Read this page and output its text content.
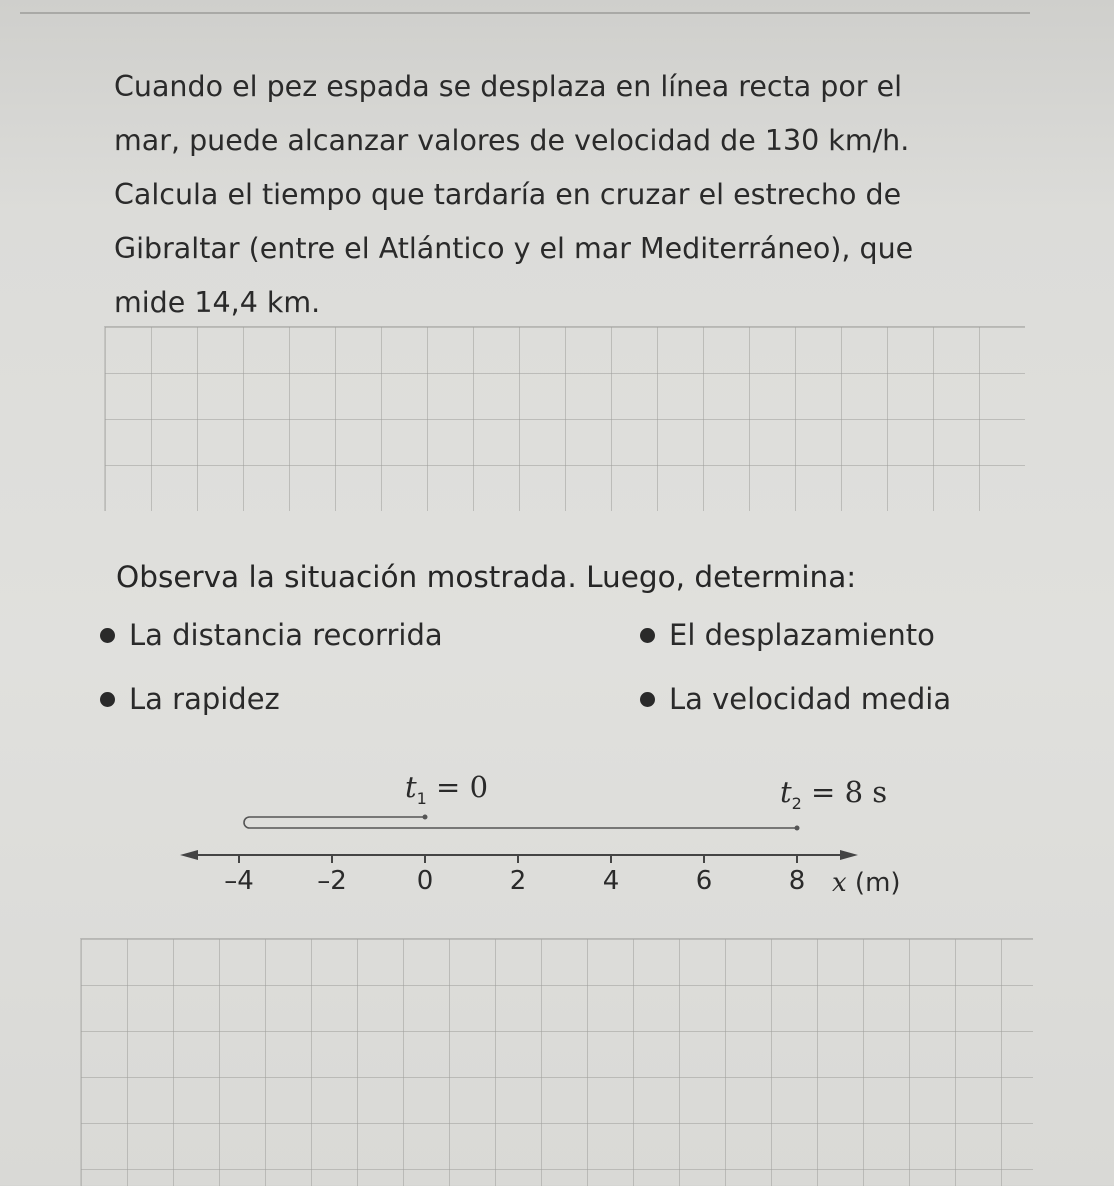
Cuando el pez espada se desplaza en línea recta por el
mar, puede alcanzar valores de velocidad de 130 km/h.
Calcula el tiempo que tardaría en cruzar el estrecho de
Gibraltar (entre el Atlántico y el mar Mediterráneo), que
mide 14,4 km.
Observa la situación mostrada. Luego, determina:
La distancia recorrida	El desplazamiento
La rapidez	La velocidad media
$t_1 = 0$	$t_2 = 8$ s
–4	–2	0	2	4	6	8	x (m)
